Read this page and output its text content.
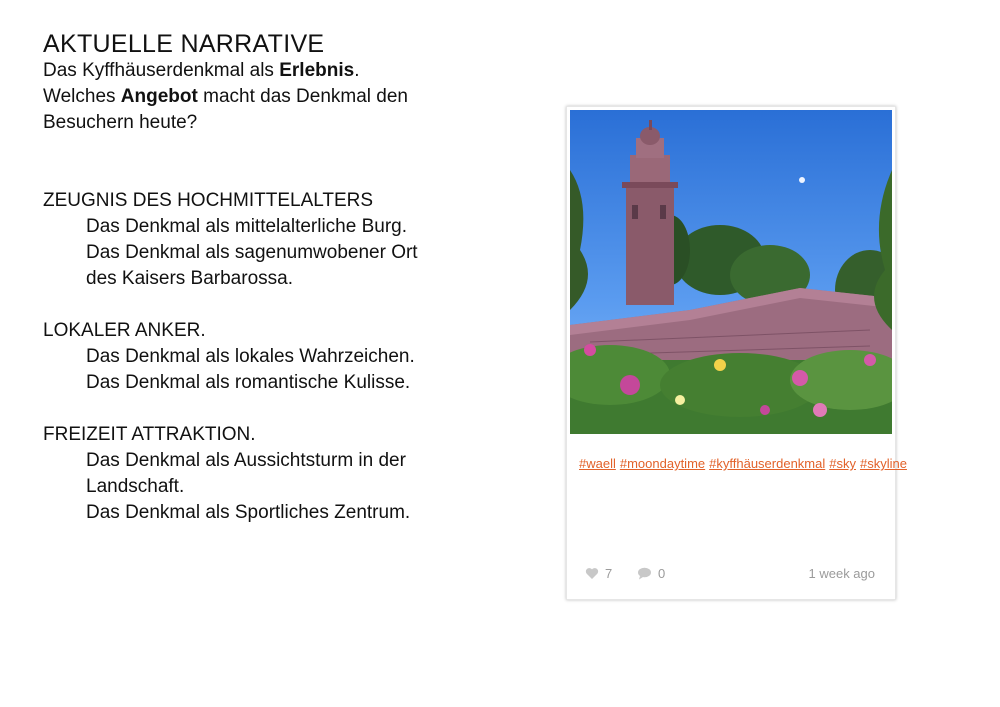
AKTUELLE NARRATIVE

Das Kyffhäuserdenkmal als Erlebnis.

Welches Angebot macht das Denkmal den

Besuchern heute?

ZEUGNIS DES HOCHMITTELALTERS
Das Denkmal als mittelalterliche Burg.
Das Denkmal als sagenumwobener Ort
des Kaisers Barbarossa.
LOKALER ANKER.
Das Denkmal als lokales Wahrzeichen.
Das Denkmal als romantische Kulisse.
FREIZEIT ATTRAKTION.
Das Denkmal als Aussichtsturm in der
Landschaft.
Das Denkmal als Sportliches Zentrum.
#waell #moondaytime #kyffhäuserdenkmal #sky #skyline
7	0	1 week ago
